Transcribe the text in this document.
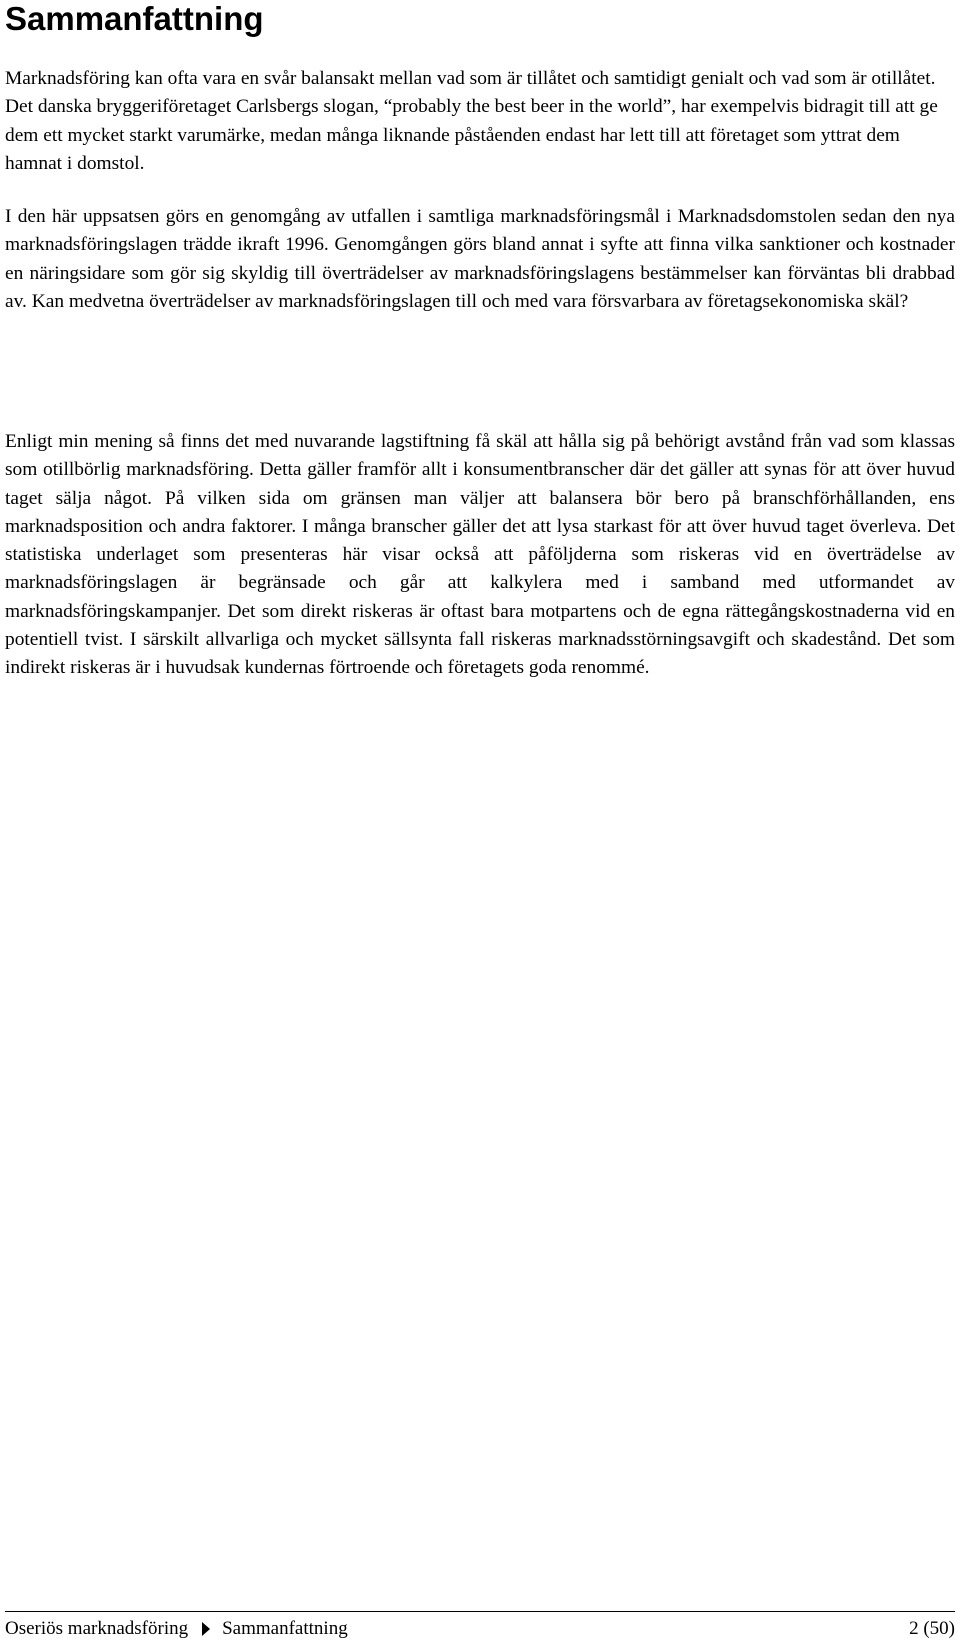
Sammanfattning

Marknadsföring kan ofta vara en svår balansakt mellan vad som är tillåtet och samtidigt genialt och vad som är otillåtet. Det danska bryggeriföretaget Carlsbergs slogan, “probably the best beer in the world”, har exempelvis bidragit till att ge dem ett mycket starkt varumärke, medan många liknande påståenden endast har lett till att företaget som yttrat dem hamnat i domstol.

I den här uppsatsen görs en genomgång av utfallen i samtliga marknadsföringsmål i Marknadsdomstolen sedan den nya marknadsföringslagen trädde ikraft 1996. Genomgången görs bland annat i syfte att finna vilka sanktioner och kostnader en näringsidare som gör sig skyldig till överträdelser av marknadsföringslagens bestämmelser kan förväntas bli drabbad av. Kan medvetna överträdelser av marknadsföringslagen till och med vara försvarbara av företagsekonomiska skäl?

Enligt min mening så finns det med nuvarande lagstiftning få skäl att hålla sig på behörigt avstånd från vad som klassas som otillbörlig marknadsföring. Detta gäller framför allt i konsumentbranscher där det gäller att synas för att över huvud taget sälja något. På vilken sida om gränsen man väljer att balansera bör bero på branschförhållanden, ens marknadsposition och andra faktorer. I många branscher gäller det att lysa starkast för att över huvud taget överleva. Det statistiska underlaget som presenteras här visar också att påföljderna som riskeras vid en överträdelse av marknadsföringslagen är begränsade och går att kalkylera med i samband med utformandet av marknadsföringskampanjer. Det som direkt riskeras är oftast bara motpartens och de egna rättegångskostnaderna vid en potentiell tvist. I särskilt allvarliga och mycket sällsynta fall riskeras marknadsstörningsavgift och skadestånd. Det som indirekt riskeras är i huvudsak kundernas förtroende och företagets goda renommé.

Oseriös marknadsföring Sammanfattning	2 (50)
